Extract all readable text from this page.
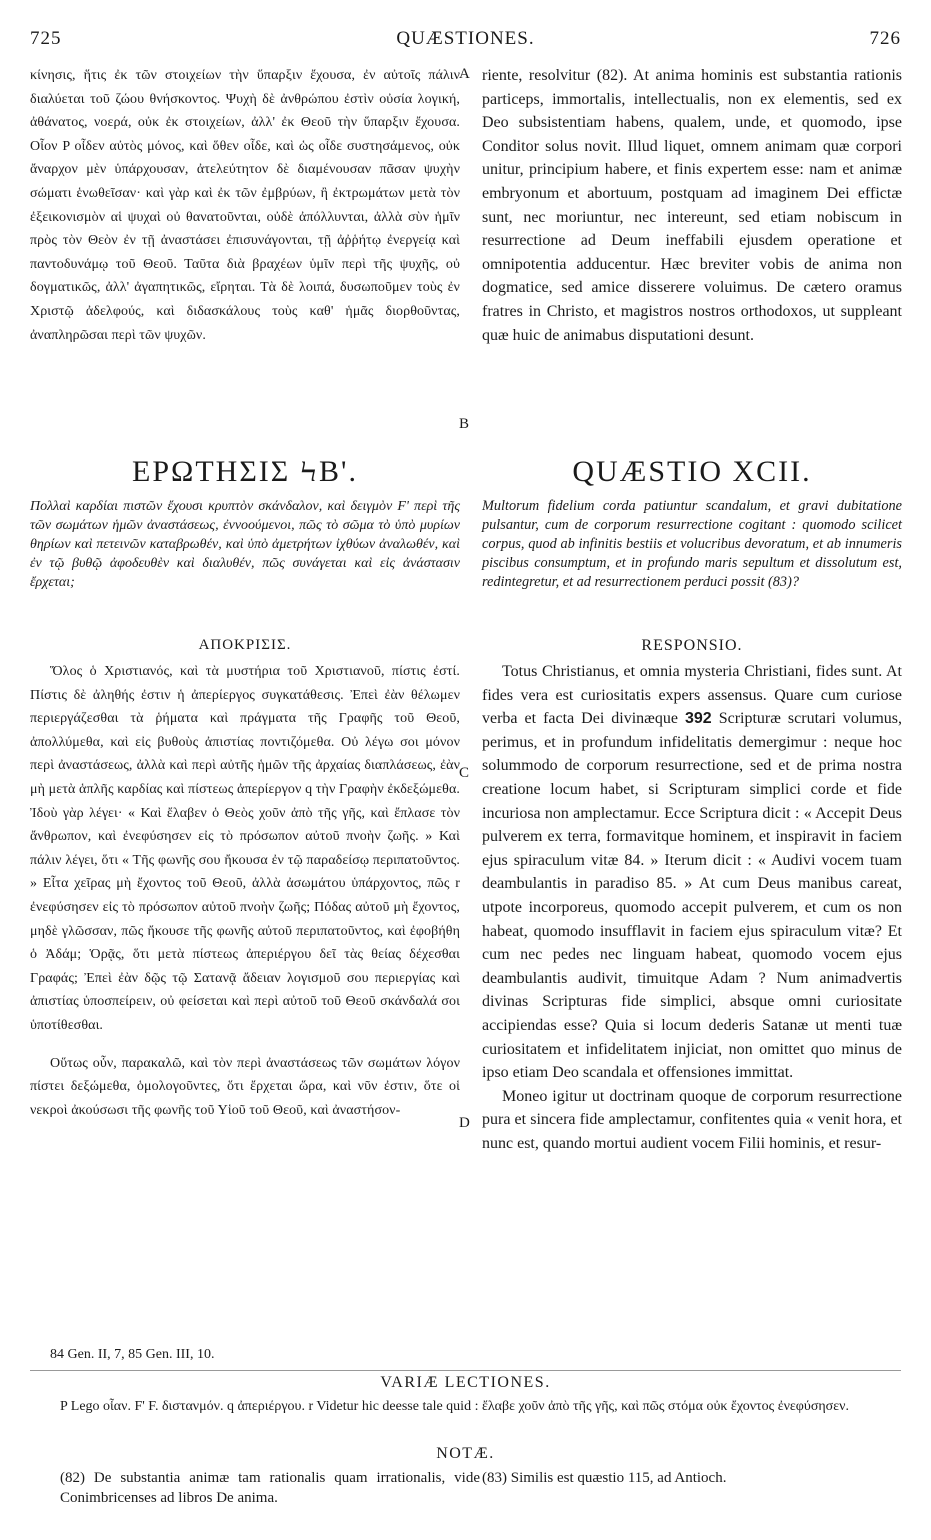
725	QUÆSTIONES.	726

κίνησις, ἥτις ἐκ τῶν στοιχείων τὴν ὕπαρξιν ἔχουσα, ἐν αὐτοῖς πάλιν διαλύεται τοῦ ζώου θνήσκοντος. Ψυχὴ δὲ ἀνθρώπου ἐστὶν οὐσία λογική, ἀθάνατος, νοερά, οὐκ ἐκ στοιχείων, ἀλλ' ἐκ Θεοῦ τὴν ὕπαρξιν ἔχουσα. Οἷον P οἶδεν αὐτὸς μόνος, καὶ ὅθεν οἶδε, καὶ ὡς οἶδε συστησάμενος, οὐκ ἄναρχον μὲν ὑπάρχουσαν, ἀτελεύτητον δὲ διαμένουσαν πᾶσαν ψυχὴν σώματι ἑνωθεῖσαν· καὶ γὰρ καὶ ἐκ τῶν ἐμβρύων, ἢ ἐκτρωμάτων μετὰ τὸν ἐξεικονισμὸν αἱ ψυχαὶ οὐ θανατοῦνται, οὐδὲ ἀπόλλυνται, ἀλλὰ σὺν ἡμῖν πρὸς τὸν Θεὸν ἐν τῇ ἀναστάσει ἐπισυνάγονται, τῇ ἀῤῥήτῳ ἐνεργείᾳ καὶ παντοδυνάμῳ τοῦ Θεοῦ. Ταῦτα διὰ βραχέων ὑμῖν περὶ τῆς ψυχῆς, οὐ δογματικῶς, ἀλλ' ἀγαπητικῶς, εἴρηται. Τὰ δὲ λοιπά, δυσωποῦμεν τοὺς ἐν Χριστῷ ἀδελφούς, καὶ διδασκάλους τοὺς καθ' ἡμᾶς διορθοῦντας, ἀναπληρῶσαι περὶ τῶν ψυχῶν.

riente, resolvitur (82). At anima hominis est substantia rationis particeps, immortalis, intellectualis, non ex elementis, sed ex Deo subsistentiam habens, qualem, unde, et quomodo, ipse Conditor solus novit. Illud liquet, omnem animam quæ corpori unitur, principium habere, et finis expertem esse: nam et animæ embryonum et abortuum, postquam ad imaginem Dei effictæ sunt, nec moriuntur, nec intereunt, sed etiam nobiscum in resurrectione ad Deum ineffabili ejusdem operatione et omnipotentia adducentur. Hæc breviter vobis de anima non dogmatice, sed amice disserere voluimus. De cætero oramus fratres in Christo, et magistros nostros orthodoxos, ut suppleant quæ huic de animabus disputationi desunt.

A
B
C
D
ΕΡΩΤΗΣΙΣ ϞΒ'.	QUÆSTIO XCII.
Πολλαὶ καρδίαι πιστῶν ἔχουσι κρυπτὸν σκάνδαλον, καὶ δειγμὸν F' περὶ τῆς τῶν σωμάτων ἡμῶν ἀναστάσεως, ἐννοούμενοι, πῶς τὸ σῶμα τὸ ὑπὸ μυρίων θηρίων καὶ πετεινῶν καταβρωθέν, καὶ ὑπὸ ἀμετρήτων ἰχθύων ἀναλωθέν, καὶ ἐν τῷ βυθῷ ἀφοδευθὲν καὶ διαλυθέν, πῶς συνάγεται καὶ εἰς ἀνάστασιν ἔρχεται;
Multorum fidelium corda patiuntur scandalum, et gravi dubitatione pulsantur, cum de corporum resurrectione cogitant : quomodo scilicet corpus, quod ab infinitis bestiis et volucribus devoratum, et ab innumeris piscibus consumptum, et in profundo maris sepultum et dissolutum est, redintegretur, et ad resurrectionem perduci possit (83)?
ΑΠΟΚΡΙΣΙΣ.	RESPONSIO.

Ὅλος ὁ Χριστιανός, καὶ τὰ μυστήρια τοῦ Χριστιανοῦ, πίστις ἐστί. Πίστις δὲ ἀληθής ἐστιν ἡ ἀπερίεργος συγκατάθεσις. Ἐπεὶ ἐὰν θέλωμεν περιεργάζεσθαι τὰ ῥήματα καὶ πράγματα τῆς Γραφῆς τοῦ Θεοῦ, ἀπολλύμεθα, καὶ εἰς βυθοὺς ἀπιστίας ποντιζόμεθα. Οὐ λέγω σοι μόνον περὶ ἀναστάσεως, ἀλλὰ καὶ περὶ αὐτῆς ἡμῶν τῆς ἀρχαίας διαπλάσεως, ἐὰν μὴ μετὰ ἁπλῆς καρδίας καὶ πίστεως ἀπερίεργον q τὴν Γραφὴν ἐκδεξώμεθα. Ἰδοὺ γὰρ λέγει· « Καὶ ἔλαβεν ὁ Θεὸς χοῦν ἀπὸ τῆς γῆς, καὶ ἔπλασε τὸν ἄνθρωπον, καὶ ἐνεφύσησεν εἰς τὸ πρόσωπον αὐτοῦ πνοὴν ζωῆς. » Καὶ πάλιν λέγει, ὅτι « Τῆς φωνῆς σου ἤκουσα ἐν τῷ παραδείσῳ περιπατοῦντος. » Εἶτα χεῖρας μὴ ἔχοντος τοῦ Θεοῦ, ἀλλὰ ἀσωμάτου ὑπάρχοντος, πῶς r ἐνεφύσησεν εἰς τὸ πρόσωπον αὐτοῦ πνοὴν ζωῆς; Πόδας αὐτοῦ μὴ ἔχοντος, μηδὲ γλῶσσαν, πῶς ἤκουσε τῆς φωνῆς αὐτοῦ περιπατοῦντος, καὶ ἐφοβήθη ὁ Ἀδάμ; Ὁρᾷς, ὅτι μετὰ πίστεως ἀπεριέργου δεῖ τὰς θείας δέχεσθαι Γραφάς; Ἐπεὶ ἐὰν δῷς τῷ Σατανᾷ ἄδειαν λογισμοῦ σου περιεργίας καὶ ἀπιστίας ὑποσπείρειν, οὐ φείσεται καὶ περὶ αὐτοῦ τοῦ Θεοῦ σκάνδαλά σοι ὑποτίθεσθαι.

Οὕτως οὖν, παρακαλῶ, καὶ τὸν περὶ ἀναστάσεως τῶν σωμάτων λόγον πίστει δεξώμεθα, ὁμολογοῦντες, ὅτι ἔρχεται ὥρα, καὶ νῦν ἐστιν, ὅτε οἱ νεκροὶ ἀκούσωσι τῆς φωνῆς τοῦ Υἱοῦ τοῦ Θεοῦ, καὶ ἀναστήσον-

Totus Christianus, et omnia mysteria Christiani, fides sunt. At fides vera est curiositatis expers assensus. Quare cum curiose verba et facta Dei divinæque 392 Scripturæ scrutari volumus, perimus, et in profundum infidelitatis demergimur : neque hoc solummodo de corporum resurrectione, sed et de prima nostra creatione locum habet, si Scripturam simplici corde et fide incuriosa non amplectamur. Ecce Scriptura dicit : « Accepit Deus pulverem ex terra, formavitque hominem, et inspiravit in faciem ejus spiraculum vitæ 84. » Iterum dicit : « Audivi vocem tuam deambulantis in paradiso 85. » At cum Deus manibus careat, utpote incorporeus, quomodo accepit pulverem, et cum os non habeat, quomodo insufflavit in faciem ejus spiraculum vitæ? Et cum nec pedes nec linguam habeat, quomodo vocem ejus deambulantis audivit, timuitque Adam ? Num animadvertis divinas Scripturas fide simplici, absque omni curiositate accipiendas esse? Quia si locum dederis Satanæ ut menti tuæ curiositatem et infidelitatem injiciat, non omittet quo minus de ipso etiam Deo scandala et offensiones immittat.

Moneo igitur ut doctrinam quoque de corporum resurrectione pura et sincera fide amplectamur, confitentes quia « venit hora, et nunc est, quando mortui audient vocem Filii hominis, et resur-

84 Gen. II, 7, 85 Gen. III, 10.
VARIÆ LECTIONES.
P Lego οἷαν. F' F. διστανμόν. q ἀπεριέργου. r Videtur hic deesse tale quid : ἔλαβε χοῦν ἀπὸ τῆς γῆς, καὶ πῶς στόμα οὐκ ἔχοντος ἐνεφύσησεν.
NOTÆ.
(82) De substantia animæ tam rationalis quam irrationalis, vide Conimbricenses ad libros De anima.
(83) Similis est quæstio 115, ad Antioch.
